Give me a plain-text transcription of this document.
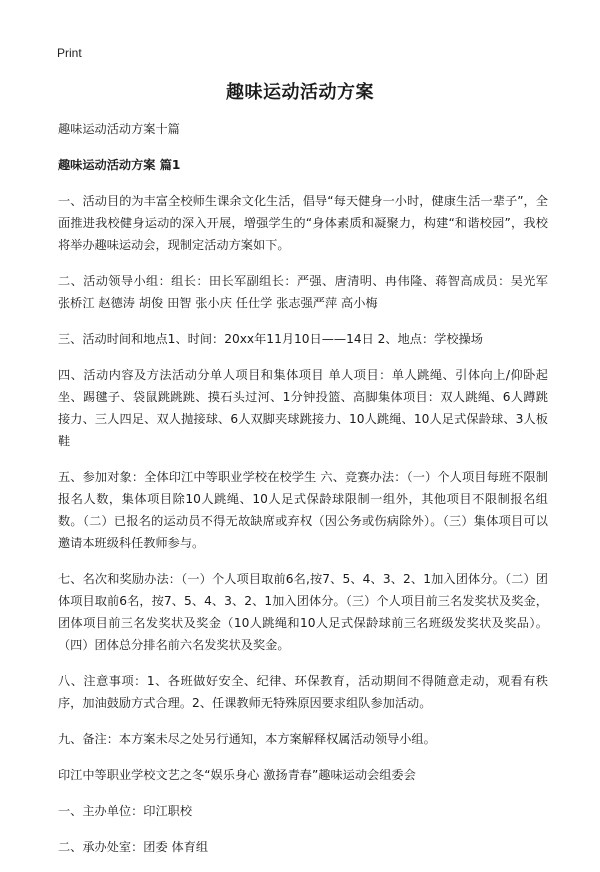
Print
趣味运动活动方案

趣味运动活动方案十篇

趣味运动活动方案 篇1

一、活动目的为丰富全校师生课余文化生活，倡导“每天健身一小时，健康生活一辈子”，全面推进我校健身运动的深入开展，增强学生的“身体素质和凝聚力，构建“和谐校园”，我校将举办趣味运动会，现制定活动方案如下。

二、活动领导小组：组长：田长军副组长：严强、唐清明、冉伟隆、蒋智高成员：吴光军 张桥江 赵德涛 胡俊 田智 张小庆 任仕学 张志强严萍 高小梅

三、活动时间和地点1、时间：20xx年11月10日——14日 2、地点：学校操场

四、活动内容及方法活动分单人项目和集体项目 单人项目：单人跳绳、引体向上/仰卧起坐、踢毽子、袋鼠跳跳跳、摸石头过河、1分钟投篮、高脚集体项目：双人跳绳、6人蹲跳接力、三人四足、双人抛接球、6人双脚夹球跳接力、10人跳绳、10人足式保龄球、3人板鞋

五、参加对象：全体印江中等职业学校在校学生 六、竞赛办法：（一）个人项目每班不限制报名人数，集体项目除10人跳绳、10人足式保龄球限制一组外，其他项目不限制报名组数。（二）已报名的运动员不得无故缺席或弃权（因公务或伤病除外）。（三）集体项目可以邀请本班级科任教师参与。

七、名次和奖励办法：（一）个人项目取前6名,按7、5、4、3、2、1加入团体分。（二）团体项目取前6名，按7、5、4、3、2、1加入团体分。（三）个人项目前三名发奖状及奖金，团体项目前三名发奖状及奖金（10人跳绳和10人足式保龄球前三名班级发奖状及奖品）。（四）团体总分排名前六名发奖状及奖金。

八、注意事项：1、各班做好安全、纪律、环保教育，活动期间不得随意走动，观看有秩序，加油鼓励方式合理。2、任课教师无特殊原因要求组队参加活动。

九、备注：本方案未尽之处另行通知，本方案解释权属活动领导小组。

印江中等职业学校文艺之冬“娱乐身心 激扬青春”趣味运动会组委会

一、主办单位：印江职校

二、承办处室：团委 体育组
